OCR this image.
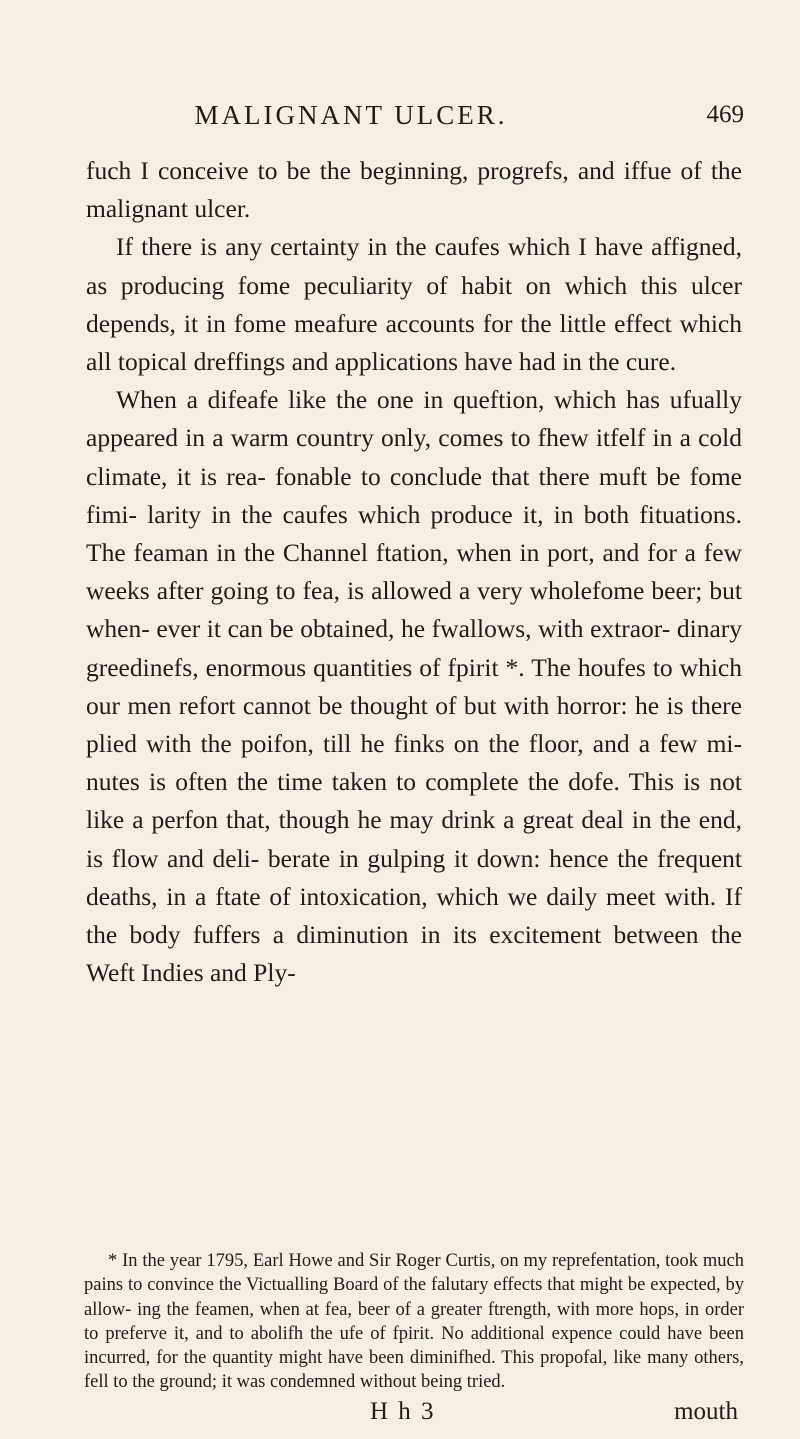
MALIGNANT ULCER.	469

fuch I conceive to be the beginning, progrefs, and iffue of the malignant ulcer.

If there is any certainty in the caufes which I have affigned, as producing fome peculiarity of habit on which this ulcer depends, it in fome meafure accounts for the little effect which all topical dreffings and applications have had in the cure.

When a difeafe like the one in queftion, which has ufually appeared in a warm country only, comes to fhew itfelf in a cold climate, it is rea- fonable to conclude that there muft be fome fimi- larity in the caufes which produce it, in both fituations. The feaman in the Channel ftation, when in port, and for a few weeks after going to fea, is allowed a very wholefome beer; but when- ever it can be obtained, he fwallows, with extraor- dinary greedinefs, enormous quantities of fpirit *. The houfes to which our men refort cannot be thought of but with horror: he is there plied with the poifon, till he finks on the floor, and a few mi- nutes is often the time taken to complete the dofe. This is not like a perfon that, though he may drink a great deal in the end, is flow and deli- berate in gulping it down: hence the frequent deaths, in a ftate of intoxication, which we daily meet with. If the body fuffers a diminution in its excitement between the Weft Indies and Ply-

* In the year 1795, Earl Howe and Sir Roger Curtis, on my reprefentation, took much pains to convince the Victualling Board of the falutary effects that might be expected, by allow- ing the feamen, when at fea, beer of a greater ftrength, with more hops, in order to preferve it, and to abolifh the ufe of fpirit. No additional expence could have been incurred, for the quantity might have been diminifhed. This propofal, like many others, fell to the ground; it was condemned without being tried.

H h 3	mouth
